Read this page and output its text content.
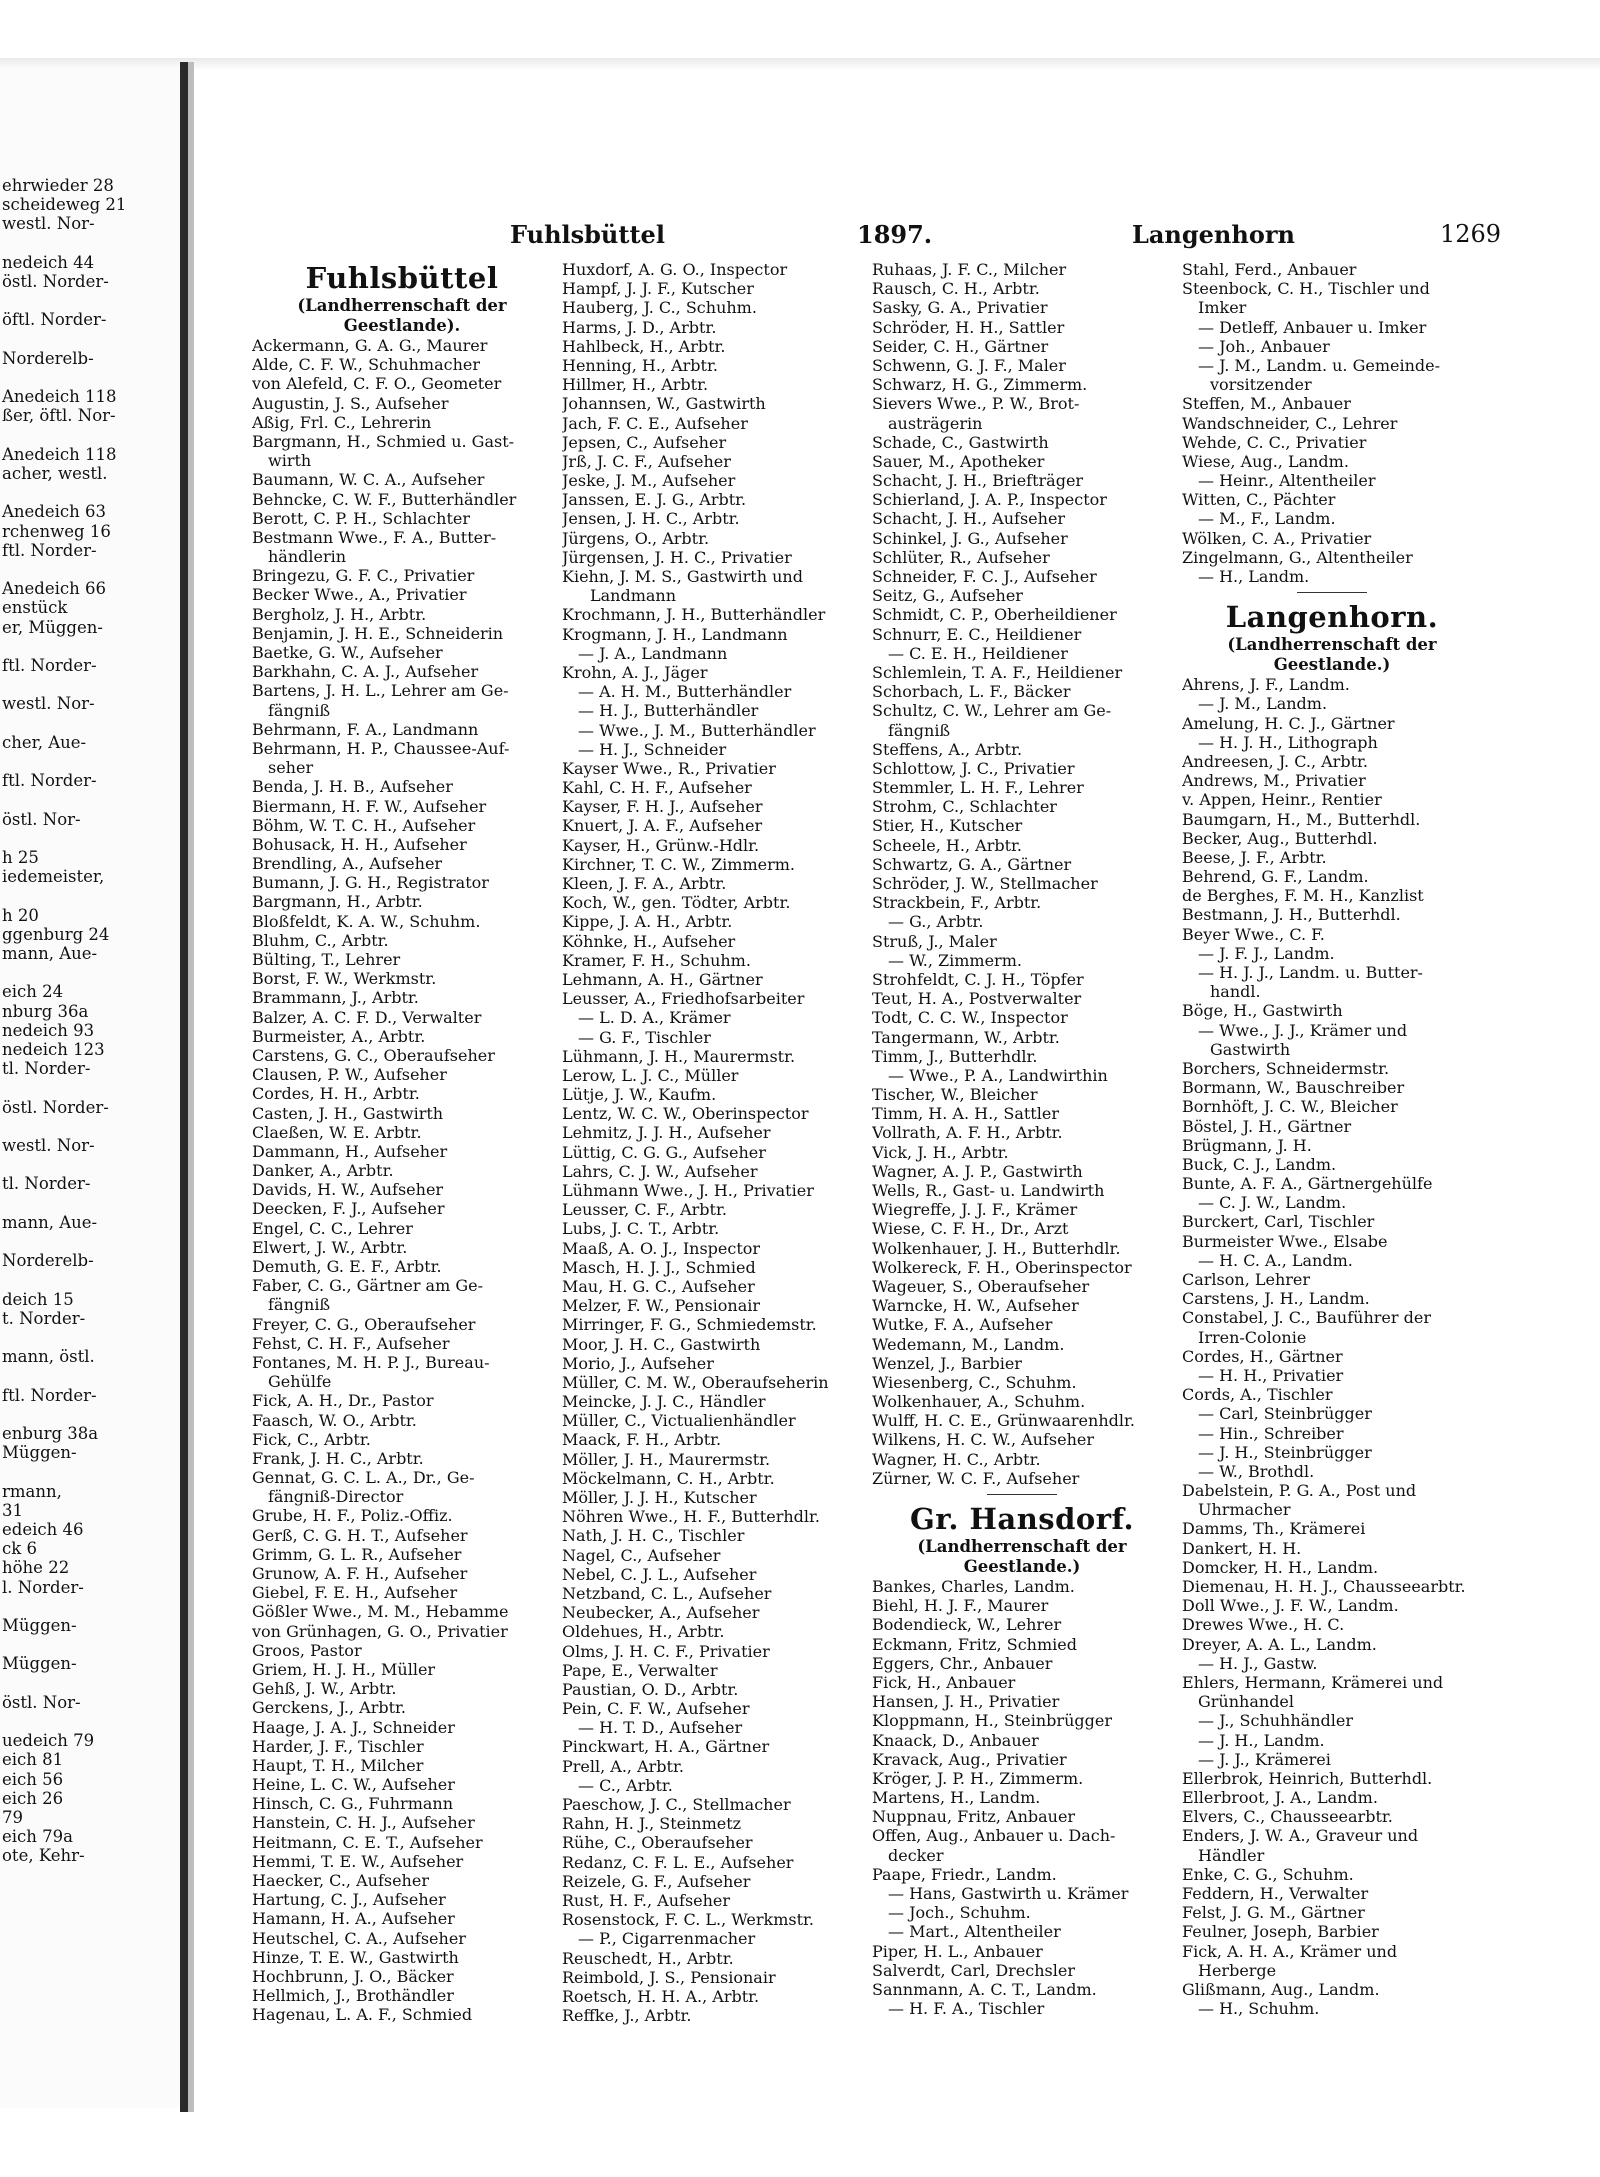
ehrwieder 28
scheideweg 21
westl. Nor-
nedeich 44
östl. Norder-
öftl. Norder-
Norderelb-
Anedeich 118
ßer, öftl. Nor-
Anedeich 118
acher, westl.
Anedeich 63
rchenweg 16
ftl. Norder-
Anedeich 66
enstück
er, Müggen-
ftl. Norder-
westl. Nor-
cher, Aue-
ftl. Norder-
östl. Nor-
h 25
iedemeister,
h 20
ggenburg 24
mann, Aue-
eich 24
nburg 36a
nedeich 93
nedeich 123
tl. Norder-
östl. Norder-
westl. Nor-
tl. Norder-
mann, Aue-
Norderelb-
deich 15
t. Norder-
mann, östl.
ftl. Norder-
enburg 38a
Müggen-
rmann,
31
edeich 46
ck 6
höhe 22
l. Norder-
Müggen-
Müggen-
östl. Nor-
uedeich 79
eich 81
eich 56
eich 26
79
eich 79a
ote, Kehr-
Fuhlsbüttel	1897.	Langenhorn	1269
Fuhlsbüttel
(Landherrenschaft der
Geestlande).
Ackermann, G. A. G., Maurer
Alde, C. F. W., Schuhmacher
von Alefeld, C. F. O., Geometer
Augustin, J. S., Aufseher
Aßig, Frl. C., Lehrerin
Bargmann, H., Schmied u. Gast-
wirth
Baumann, W. C. A., Aufseher
Behncke, C. W. F., Butterhändler
Berott, C. P. H., Schlachter
Bestmann Wwe., F. A., Butter-
händlerin
Bringezu, G. F. C., Privatier
Becker Wwe., A., Privatier
Bergholz, J. H., Arbtr.
Benjamin, J. H. E., Schneiderin
Baetke, G. W., Aufseher
Barkhahn, C. A. J., Aufseher
Bartens, J. H. L., Lehrer am Ge-
fängniß
Behrmann, F. A., Landmann
Behrmann, H. P., Chaussee-Auf-
seher
Benda, J. H. B., Aufseher
Biermann, H. F. W., Aufseher
Böhm, W. T. C. H., Aufseher
Bohusack, H. H., Aufseher
Brendling, A., Aufseher
Bumann, J. G. H., Registrator
Bargmann, H., Arbtr.
Bloßfeldt, K. A. W., Schuhm.
Bluhm, C., Arbtr.
Bülting, T., Lehrer
Borst, F. W., Werkmstr.
Brammann, J., Arbtr.
Balzer, A. C. F. D., Verwalter
Burmeister, A., Arbtr.
Carstens, G. C., Oberaufseher
Clausen, P. W., Aufseher
Cordes, H. H., Arbtr.
Casten, J. H., Gastwirth
Claeßen, W. E. Arbtr.
Dammann, H., Aufseher
Danker, A., Arbtr.
Davids, H. W., Aufseher
Deecken, F. J., Aufseher
Engel, C. C., Lehrer
Elwert, J. W., Arbtr.
Demuth, G. E. F., Arbtr.
Faber, C. G., Gärtner am Ge-
fängniß
Freyer, C. G., Oberaufseher
Fehst, C. H. F., Aufseher
Fontanes, M. H. P. J., Bureau-
Gehülfe
Fick, A. H., Dr., Pastor
Faasch, W. O., Arbtr.
Fick, C., Arbtr.
Frank, J. H. C., Arbtr.
Gennat, G. C. L. A., Dr., Ge-
fängniß-Director
Grube, H. F., Poliz.-Offiz.
Gerß, C. G. H. T., Aufseher
Grimm, G. L. R., Aufseher
Grunow, A. F. H., Aufseher
Giebel, F. E. H., Aufseher
Gößler Wwe., M. M., Hebamme
von Grünhagen, G. O., Privatier
Groos, Pastor
Griem, H. J. H., Müller
Gehß, J. W., Arbtr.
Gerckens, J., Arbtr.
Haage, J. A. J., Schneider
Harder, J. F., Tischler
Haupt, T. H., Milcher
Heine, L. C. W., Aufseher
Hinsch, C. G., Fuhrmann
Hanstein, C. H. J., Aufseher
Heitmann, C. E. T., Aufseher
Hemmi, T. E. W., Aufseher
Haecker, C., Aufseher
Hartung, C. J., Aufseher
Hamann, H. A., Aufseher
Heutschel, C. A., Aufseher
Hinze, T. E. W., Gastwirth
Hochbrunn, J. O., Bäcker
Hellmich, J., Brothändler
Hagenau, L. A. F., Schmied
Huxdorf, A. G. O., Inspector
Hampf, J. J. F., Kutscher
Hauberg, J. C., Schuhm.
Harms, J. D., Arbtr.
Hahlbeck, H., Arbtr.
Henning, H., Arbtr.
Hillmer, H., Arbtr.
Johannsen, W., Gastwirth
Jach, F. C. E., Aufseher
Jepsen, C., Aufseher
Jrß, J. C. F., Aufseher
Jeske, J. M., Aufseher
Janssen, E. J. G., Arbtr.
Jensen, J. H. C., Arbtr.
Jürgens, O., Arbtr.
Jürgensen, J. H. C., Privatier
Kiehn, J. M. S., Gastwirth und
Landmann
Krochmann, J. H., Butterhändler
Krogmann, J. H., Landmann
— J. A., Landmann
Krohn, A. J., Jäger
— A. H. M., Butterhändler
— H. J., Butterhändler
— Wwe., J. M., Butterhändler
— H. J., Schneider
Kayser Wwe., R., Privatier
Kahl, C. H. F., Aufseher
Kayser, F. H. J., Aufseher
Knuert, J. A. F., Aufseher
Kayser, H., Grünw.-Hdlr.
Kirchner, T. C. W., Zimmerm.
Kleen, J. F. A., Arbtr.
Koch, W., gen. Tödter, Arbtr.
Kippe, J. A. H., Arbtr.
Köhnke, H., Aufseher
Kramer, F. H., Schuhm.
Lehmann, A. H., Gärtner
Leusser, A., Friedhofsarbeiter
— L. D. A., Krämer
— G. F., Tischler
Lühmann, J. H., Maurermstr.
Lerow, L. J. C., Müller
Lütje, J. W., Kaufm.
Lentz, W. C. W., Oberinspector
Lehmitz, J. J. H., Aufseher
Lüttig, C. G. G., Aufseher
Lahrs, C. J. W., Aufseher
Lühmann Wwe., J. H., Privatier
Leusser, C. F., Arbtr.
Lubs, J. C. T., Arbtr.
Maaß, A. O. J., Inspector
Masch, H. J. J., Schmied
Mau, H. G. C., Aufseher
Melzer, F. W., Pensionair
Mirringer, F. G., Schmiedemstr.
Moor, J. H. C., Gastwirth
Morio, J., Aufseher
Müller, C. M. W., Oberaufseherin
Meincke, J. J. C., Händler
Müller, C., Victualienhändler
Maack, F. H., Arbtr.
Möller, J. H., Maurermstr.
Möckelmann, C. H., Arbtr.
Möller, J. J. H., Kutscher
Nöhren Wwe., H. F., Butterhdlr.
Nath, J. H. C., Tischler
Nagel, C., Aufseher
Nebel, C. J. L., Aufseher
Netzband, C. L., Aufseher
Neubecker, A., Aufseher
Oldehues, H., Arbtr.
Olms, J. H. C. F., Privatier
Pape, E., Verwalter
Paustian, O. D., Arbtr.
Pein, C. F. W., Aufseher
— H. T. D., Aufseher
Pinckwart, H. A., Gärtner
Prell, A., Arbtr.
— C., Arbtr.
Paeschow, J. C., Stellmacher
Rahn, H. J., Steinmetz
Rühe, C., Oberaufseher
Redanz, C. F. L. E., Aufseher
Reizele, G. F., Aufseher
Rust, H. F., Aufseher
Rosenstock, F. C. L., Werkmstr.
— P., Cigarrenmacher
Reuschedt, H., Arbtr.
Reimbold, J. S., Pensionair
Roetsch, H. H. A., Arbtr.
Reffke, J., Arbtr.
Ruhaas, J. F. C., Milcher
Rausch, C. H., Arbtr.
Sasky, G. A., Privatier
Schröder, H. H., Sattler
Seider, C. H., Gärtner
Schwenn, G. J. F., Maler
Schwarz, H. G., Zimmerm.
Sievers Wwe., P. W., Brot-
austrägerin
Schade, C., Gastwirth
Sauer, M., Apotheker
Schacht, J. H., Briefträger
Schierland, J. A. P., Inspector
Schacht, J. H., Aufseher
Schinkel, J. G., Aufseher
Schlüter, R., Aufseher
Schneider, F. C. J., Aufseher
Seitz, G., Aufseher
Schmidt, C. P., Oberheildiener
Schnurr, E. C., Heildiener
— C. E. H., Heildiener
Schlemlein, T. A. F., Heildiener
Schorbach, L. F., Bäcker
Schultz, C. W., Lehrer am Ge-
fängniß
Steffens, A., Arbtr.
Schlottow, J. C., Privatier
Stemmler, L. H. F., Lehrer
Strohm, C., Schlachter
Stier, H., Kutscher
Scheele, H., Arbtr.
Schwartz, G. A., Gärtner
Schröder, J. W., Stellmacher
Strackbein, F., Arbtr.
— G., Arbtr.
Struß, J., Maler
— W., Zimmerm.
Strohfeldt, C. J. H., Töpfer
Teut, H. A., Postverwalter
Todt, C. C. W., Inspector
Tangermann, W., Arbtr.
Timm, J., Butterhdlr.
— Wwe., P. A., Landwirthin
Tischer, W., Bleicher
Timm, H. A. H., Sattler
Vollrath, A. F. H., Arbtr.
Vick, J. H., Arbtr.
Wagner, A. J. P., Gastwirth
Wells, R., Gast- u. Landwirth
Wiegreffe, J. J. F., Krämer
Wiese, C. F. H., Dr., Arzt
Wolkenhauer, J. H., Butterhdlr.
Wolkereck, F. H., Oberinspector
Wageuer, S., Oberaufseher
Warncke, H. W., Aufseher
Wutke, F. A., Aufseher
Wedemann, M., Landm.
Wenzel, J., Barbier
Wiesenberg, C., Schuhm.
Wolkenhauer, A., Schuhm.
Wulff, H. C. E., Grünwaarenhdlr.
Wilkens, H. C. W., Aufseher
Wagner, H. C., Arbtr.
Zürner, W. C. F., Aufseher
Gr. Hansdorf.
(Landherrenschaft der
Geestlande.)
Bankes, Charles, Landm.
Biehl, H. J. F., Maurer
Bodendieck, W., Lehrer
Eckmann, Fritz, Schmied
Eggers, Chr., Anbauer
Fick, H., Anbauer
Hansen, J. H., Privatier
Kloppmann, H., Steinbrügger
Knaack, D., Anbauer
Kravack, Aug., Privatier
Kröger, J. P. H., Zimmerm.
Martens, H., Landm.
Nuppnau, Fritz, Anbauer
Offen, Aug., Anbauer u. Dach-
decker
Paape, Friedr., Landm.
— Hans, Gastwirth u. Krämer
— Joch., Schuhm.
— Mart., Altentheiler
Piper, H. L., Anbauer
Salverdt, Carl, Drechsler
Sannmann, A. C. T., Landm.
— H. F. A., Tischler
Stahl, Ferd., Anbauer
Steenbock, C. H., Tischler und
Imker
— Detleff, Anbauer u. Imker
— Joh., Anbauer
— J. M., Landm. u. Gemeinde-
vorsitzender
Steffen, M., Anbauer
Wandschneider, C., Lehrer
Wehde, C. C., Privatier
Wiese, Aug., Landm.
— Heinr., Altentheiler
Witten, C., Pächter
— M., F., Landm.
Wölken, C. A., Privatier
Zingelmann, G., Altentheiler
— H., Landm.
Langenhorn.
(Landherrenschaft der
Geestlande.)
Ahrens, J. F., Landm.
— J. M., Landm.
Amelung, H. C. J., Gärtner
— H. J. H., Lithograph
Andreesen, J. C., Arbtr.
Andrews, M., Privatier
v. Appen, Heinr., Rentier
Baumgarn, H., M., Butterhdl.
Becker, Aug., Butterhdl.
Beese, J. F., Arbtr.
Behrend, G. F., Landm.
de Berghes, F. M. H., Kanzlist
Bestmann, J. H., Butterhdl.
Beyer Wwe., C. F.
— J. F. J., Landm.
— H. J. J., Landm. u. Butter-
handl.
Böge, H., Gastwirth
— Wwe., J. J., Krämer und
Gastwirth
Borchers, Schneidermstr.
Bormann, W., Bauschreiber
Bornhöft, J. C. W., Bleicher
Böstel, J. H., Gärtner
Brügmann, J. H.
Buck, C. J., Landm.
Bunte, A. F. A., Gärtnergehülfe
— C. J. W., Landm.
Burckert, Carl, Tischler
Burmeister Wwe., Elsabe
— H. C. A., Landm.
Carlson, Lehrer
Carstens, J. H., Landm.
Constabel, J. C., Bauführer der
Irren-Colonie
Cordes, H., Gärtner
— H. H., Privatier
Cords, A., Tischler
— Carl, Steinbrügger
— Hin., Schreiber
— J. H., Steinbrügger
— W., Brothdl.
Dabelstein, P. G. A., Post und
Uhrmacher
Damms, Th., Krämerei
Dankert, H. H.
Domcker, H. H., Landm.
Diemenau, H. H. J., Chausseearbtr.
Doll Wwe., J. F. W., Landm.
Drewes Wwe., H. C.
Dreyer, A. A. L., Landm.
— H. J., Gastw.
Ehlers, Hermann, Krämerei und
Grünhandel
— J., Schuhhändler
— J. H., Landm.
— J. J., Krämerei
Ellerbrok, Heinrich, Butterhdl.
Ellerbroot, J. A., Landm.
Elvers, C., Chausseearbtr.
Enders, J. W. A., Graveur und
Händler
Enke, C. G., Schuhm.
Feddern, H., Verwalter
Felst, J. G. M., Gärtner
Feulner, Joseph, Barbier
Fick, A. H. A., Krämer und
Herberge
Glißmann, Aug., Landm.
— H., Schuhm.
